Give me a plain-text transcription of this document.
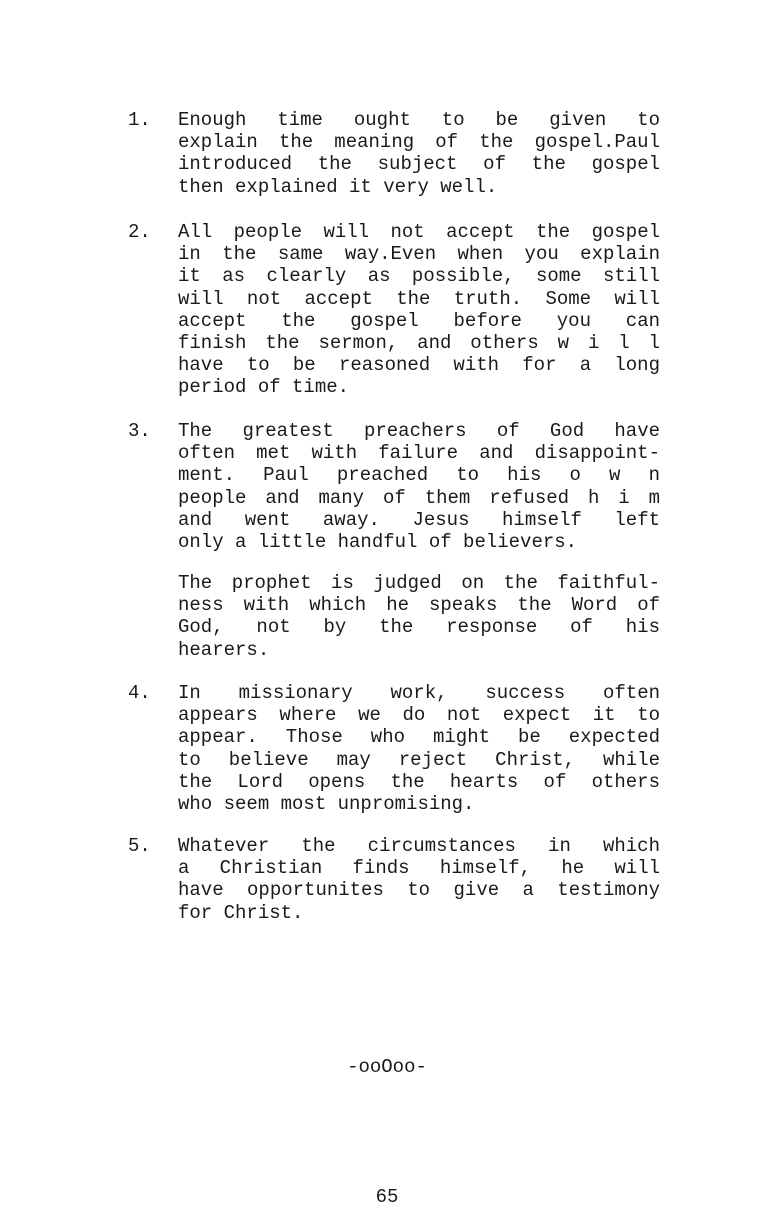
1. Enough time ought to be given to
explain the meaning of the gospel.Paul
introduced the subject of the gospel
then explained it very well.
2. All people will not accept the gospel
in the same way.Even when you explain
it as clearly as possible, some still
will not accept the truth. Some will
accept the gospel before you can
finish the sermon, and others w i l l
have to be reasoned with for a long
period of time.
3. The greatest preachers of God have
often met with failure and disappoint-
ment. Paul preached to his o w n
people and many of them refused h i m
and went away. Jesus himself left
only a little handful of believers.
The prophet is judged on the faithful-
ness with which he speaks the Word of
God, not by the response of his
hearers.
4. In missionary work, success often
appears where we do not expect it to
appear. Those who might be expected
to believe may reject Christ, while
the Lord opens the hearts of others
who seem most unpromising.
5. Whatever the circumstances in which
a Christian finds himself, he will
have opportunites to give a testimony
for Christ.
-ooOoo-
65
